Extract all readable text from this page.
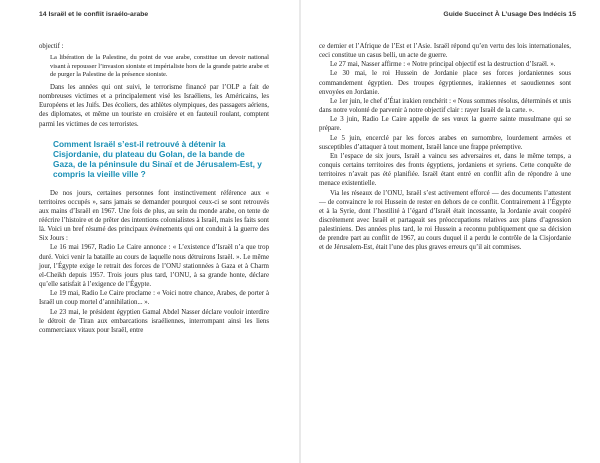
14 Israël et le conflit israélo-arabe

objectif :

La libération de la Palestine, du point de vue arabe, constitue un devoir national visant à repousser l’invasion sioniste et impérialiste hors de la grande patrie arabe et de purger la Palestine de la présence sioniste.

Dans les années qui ont suivi, le terrorisme financé par l’OLP a fait de nombreuses victimes et a principalement visé les Israéliens, les Américains, les Européens et les Juifs. Des écoliers, des athlètes olympiques, des passagers aériens, des diplomates, et même un touriste en croisière et en fauteuil roulant, comptent parmi les victimes de ces terroristes.

Comment Israël s’est-il retrouvé à détenir la Cisjordanie, du plateau du Golan, de la bande de Gaza, de la péninsule du Sinaï et de Jérusalem-Est, y compris la vieille ville ?

De nos jours, certaines personnes font instinctivement référence aux « territoires occupés », sans jamais se demander pourquoi ceux-ci se sont retrouvés aux mains d’Israël en 1967. Une fois de plus, au sein du monde arabe, on tente de réécrire l’histoire et de prêter des intentions colonialistes à Israël, mais les faits sont là. Voici un bref résumé des principaux événements qui ont conduit à la guerre des Six Jours :

Le 16 mai 1967, Radio Le Caire annonce : « L’existence d’Israël n’a que trop duré. Voici venir la bataille au cours de laquelle nous détruirons Israël. ». Le même jour, l’Égypte exige le retrait des forces de l’ONU stationnées à Gaza et à Charm el-Cheikh depuis 1957. Trois jours plus tard, l’ONU, à sa grande honte, déclare qu’elle satisfait à l’exigence de l’Égypte.

Le 19 mai, Radio Le Caire proclame : « Voici notre chance, Arabes, de porter à Israël un coup mortel d’annihilation... ».

Le 23 mai, le président égyptien Gamal Abdel Nasser déclare vouloir interdire le détroit de Tiran aux embarcations israéliennes, interrompant ainsi les liens commerciaux vitaux pour Israël, entre

Guide Succinct À L’usage Des Indécis 15

ce dernier et l’Afrique de l’Est et l’Asie. Israël répond qu’en vertu des lois internationales, ceci constitue un casus belli, un acte de guerre.

Le 27 mai, Nasser affirme : « Notre principal objectif est la destruction d’Israël. ».

Le 30 mai, le roi Hussein de Jordanie place ses forces jordaniennes sous commandement égyptien. Des troupes égyptiennes, irakiennes et saoudiennes sont envoyées en Jordanie.

Le 1er juin, le chef d’État irakien renchérit : « Nous sommes résolus, déterminés et unis dans notre volonté de parvenir à notre objectif clair : rayer Israël de la carte. ».

Le 3 juin, Radio Le Caire appelle de ses vœux la guerre sainte musulmane qui se prépare.

Le 5 juin, encerclé par les forces arabes en surnombre, lourdement armées et susceptibles d’attaquer à tout moment, Israël lance une frappe préemptive.

En l’espace de six jours, Israël a vaincu ses adversaires et, dans le même temps, a conquis certains territoires des fronts égyptiens, jordaniens et syriens. Cette conquête de territoires n’avait pas été planifiée. Israël étant entré en conflit afin de répondre à une menace existentielle.

Via les réseaux de l’ONU, Israël s’est activement efforcé — des documents l’attestent — de convaincre le roi Hussein de rester en dehors de ce conflit. Contrairement à l’Égypte et à la Syrie, dont l’hostilité à l’égard d’Israël était incessante, la Jordanie avait coopéré discrètement avec Israël et partageait ses préoccupations relatives aux plans d’agression palestiniens. Des années plus tard, le roi Hussein a reconnu publiquement que sa décision de prendre part au conflit de 1967, au cours duquel il a perdu le contrôle de la Cisjordanie et de Jérusalem-Est, était l’une des plus graves erreurs qu’il ait commises.
